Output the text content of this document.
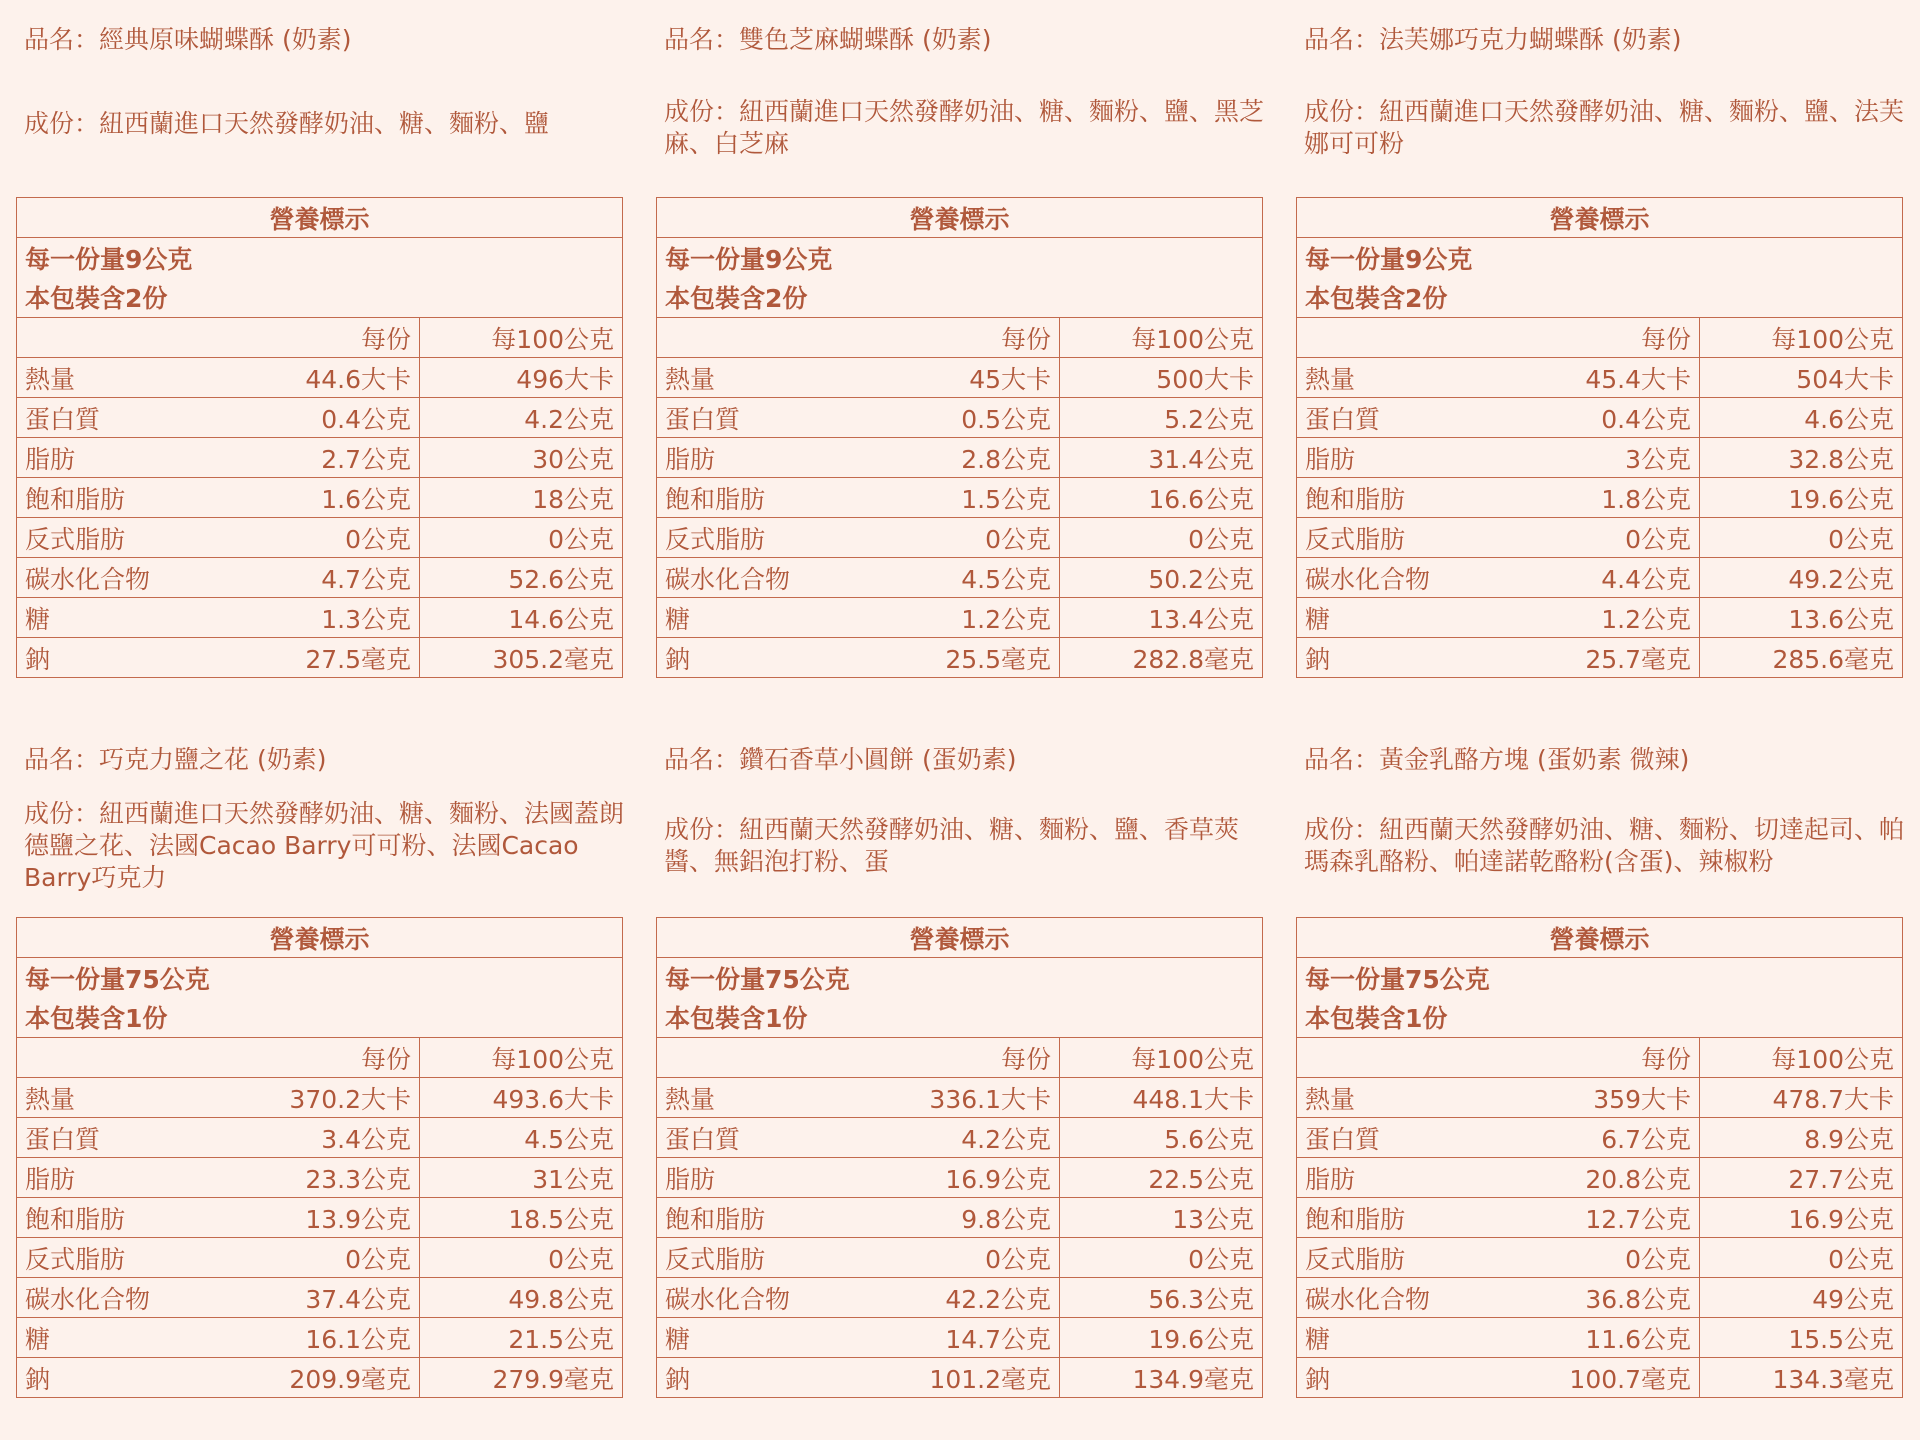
品名：經典原味蝴蝶酥 (奶素)
成份：紐西蘭進口天然發酵奶油、糖、麵粉、鹽
營養標示		
每一份量9公克		
本包裝含2份		
	每份	每100公克
熱量	44.6大卡	496大卡
蛋白質	0.4公克	4.2公克
脂肪	2.7公克	30公克
飽和脂肪	1.6公克	18公克
反式脂肪	0公克	0公克
碳水化合物	4.7公克	52.6公克
糖	1.3公克	14.6公克
鈉	27.5毫克	305.2毫克
品名：雙色芝麻蝴蝶酥 (奶素)
成份：紐西蘭進口天然發酵奶油、糖、麵粉、鹽、黑芝麻、白芝麻
營養標示		
每一份量9公克		
本包裝含2份		
	每份	每100公克
熱量	45大卡	500大卡
蛋白質	0.5公克	5.2公克
脂肪	2.8公克	31.4公克
飽和脂肪	1.5公克	16.6公克
反式脂肪	0公克	0公克
碳水化合物	4.5公克	50.2公克
糖	1.2公克	13.4公克
鈉	25.5毫克	282.8毫克
品名：法芙娜巧克力蝴蝶酥 (奶素)
成份：紐西蘭進口天然發酵奶油、糖、麵粉、鹽、法芙娜可可粉
營養標示		
每一份量9公克		
本包裝含2份		
	每份	每100公克
熱量	45.4大卡	504大卡
蛋白質	0.4公克	4.6公克
脂肪	3公克	32.8公克
飽和脂肪	1.8公克	19.6公克
反式脂肪	0公克	0公克
碳水化合物	4.4公克	49.2公克
糖	1.2公克	13.6公克
鈉	25.7毫克	285.6毫克
品名：巧克力鹽之花 (奶素)
成份：紐西蘭進口天然發酵奶油、糖、麵粉、法國蓋朗德鹽之花、法國Cacao Barry可可粉、法國Cacao Barry巧克力
營養標示		
每一份量75公克		
本包裝含1份		
	每份	每100公克
熱量	370.2大卡	493.6大卡
蛋白質	3.4公克	4.5公克
脂肪	23.3公克	31公克
飽和脂肪	13.9公克	18.5公克
反式脂肪	0公克	0公克
碳水化合物	37.4公克	49.8公克
糖	16.1公克	21.5公克
鈉	209.9毫克	279.9毫克
品名：鑽石香草小圓餅 (蛋奶素)
成份：紐西蘭天然發酵奶油、糖、麵粉、鹽、香草莢醬、無鋁泡打粉、蛋
營養標示		
每一份量75公克		
本包裝含1份		
	每份	每100公克
熱量	336.1大卡	448.1大卡
蛋白質	4.2公克	5.6公克
脂肪	16.9公克	22.5公克
飽和脂肪	9.8公克	13公克
反式脂肪	0公克	0公克
碳水化合物	42.2公克	56.3公克
糖	14.7公克	19.6公克
鈉	101.2毫克	134.9毫克
品名：黃金乳酪方塊 (蛋奶素 微辣)
成份：紐西蘭天然發酵奶油、糖、麵粉、切達起司、帕瑪森乳酪粉、帕達諾乾酪粉(含蛋)、辣椒粉
營養標示		
每一份量75公克		
本包裝含1份		
	每份	每100公克
熱量	359大卡	478.7大卡
蛋白質	6.7公克	8.9公克
脂肪	20.8公克	27.7公克
飽和脂肪	12.7公克	16.9公克
反式脂肪	0公克	0公克
碳水化合物	36.8公克	49公克
糖	11.6公克	15.5公克
鈉	100.7毫克	134.3毫克
